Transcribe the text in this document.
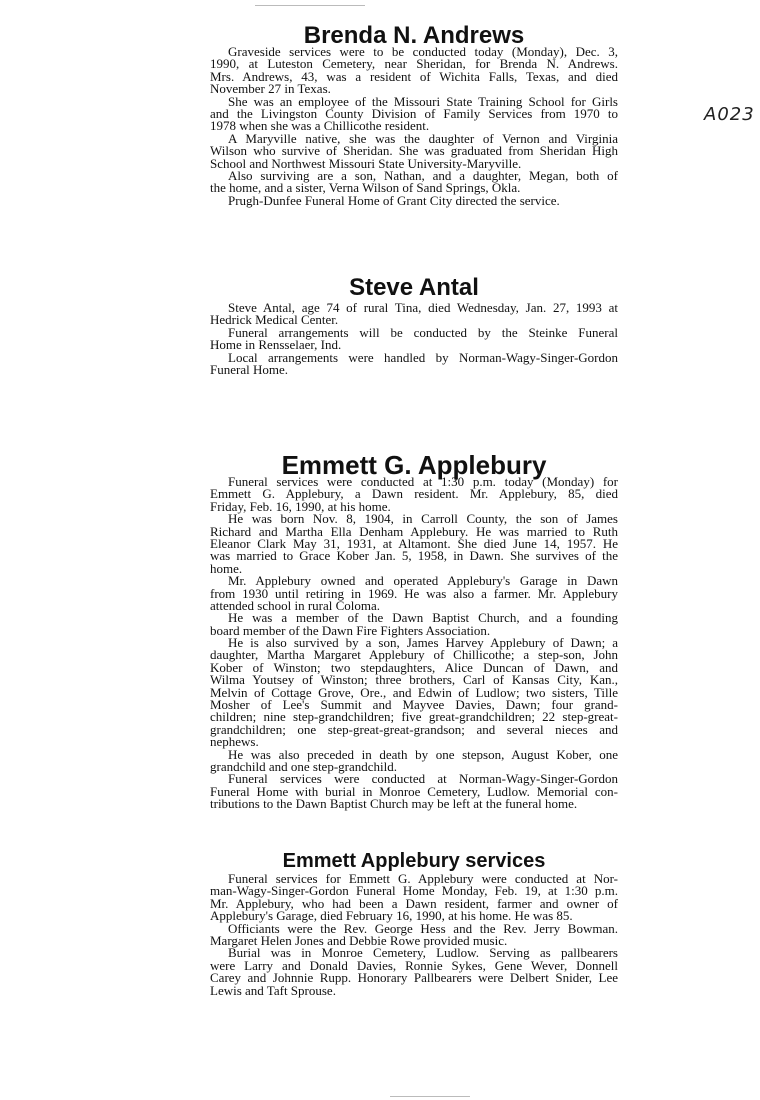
A023
Brenda N. Andrews
Graveside services were to be conducted today (Monday), Dec. 3,
1990, at Luteston Cemetery, near Sheridan, for Brenda N. Andrews.
Mrs. Andrews, 43, was a resident of Wichita Falls, Texas, and died
November 27 in Texas.
She was an employee of the Missouri State Training School for Girls
and the Livingston County Division of Family Services from 1970 to
1978 when she was a Chillicothe resident.
A Maryville native, she was the daughter of Vernon and Virginia
Wilson who survive of Sheridan. She was graduated from Sheridan High
School and Northwest Missouri State University-Maryville.
Also surviving are a son, Nathan, and a daughter, Megan, both of
the home, and a sister, Verna Wilson of Sand Springs, Okla.
Prugh-Dunfee Funeral Home of Grant City directed the service.
Steve Antal
Steve Antal, age 74 of rural Tina, died Wednesday, Jan. 27, 1993 at
Hedrick Medical Center.
Funeral arrangements will be conducted by the Steinke Funeral
Home in Rensselaer, Ind.
Local arrangements were handled by Norman-Wagy-Singer-Gordon
Funeral Home.
Emmett G. Applebury
Funeral services were conducted at 1:30 p.m. today (Monday) for
Emmett G. Applebury, a Dawn resident. Mr. Applebury, 85, died
Friday, Feb. 16, 1990, at his home.
He was born Nov. 8, 1904, in Carroll County, the son of James
Richard and Martha Ella Denham Applebury. He was married to Ruth
Eleanor Clark May 31, 1931, at Altamont. She died June 14, 1957. He
was married to Grace Kober Jan. 5, 1958, in Dawn. She survives of the
home.
Mr. Applebury owned and operated Applebury's Garage in Dawn
from 1930 until retiring in 1969. He was also a farmer. Mr. Applebury
attended school in rural Coloma.
He was a member of the Dawn Baptist Church, and a founding
board member of the Dawn Fire Fighters Association.
He is also survived by a son, James Harvey Applebury of Dawn; a
daughter, Martha Margaret Applebury of Chillicothe; a step-son, John
Kober of Winston; two stepdaughters, Alice Duncan of Dawn, and
Wilma Youtsey of Winston; three brothers, Carl of Kansas City, Kan.,
Melvin of Cottage Grove, Ore., and Edwin of Ludlow; two sisters, Tille
Mosher of Lee's Summit and Mayvee Davies, Dawn; four grand-
children; nine step-grandchildren; five great-grandchildren; 22 step-great-
grandchildren; one step-great-great-grandson; and several nieces and
nephews.
He was also preceded in death by one stepson, August Kober, one
grandchild and one step-grandchild.
Funeral services were conducted at Norman-Wagy-Singer-Gordon
Funeral Home with burial in Monroe Cemetery, Ludlow. Memorial con-
tributions to the Dawn Baptist Church may be left at the funeral home.
Emmett Applebury services
Funeral services for Emmett G. Applebury were conducted at Nor-
man-Wagy-Singer-Gordon Funeral Home Monday, Feb. 19, at 1:30 p.m.
Mr. Applebury, who had been a Dawn resident, farmer and owner of
Applebury's Garage, died February 16, 1990, at his home. He was 85.
Officiants were the Rev. George Hess and the Rev. Jerry Bowman.
Margaret Helen Jones and Debbie Rowe provided music.
Burial was in Monroe Cemetery, Ludlow. Serving as pallbearers
were Larry and Donald Davies, Ronnie Sykes, Gene Wever, Donnell
Carey and Johnnie Rupp. Honorary Pallbearers were Delbert Snider, Lee
Lewis and Taft Sprouse.
